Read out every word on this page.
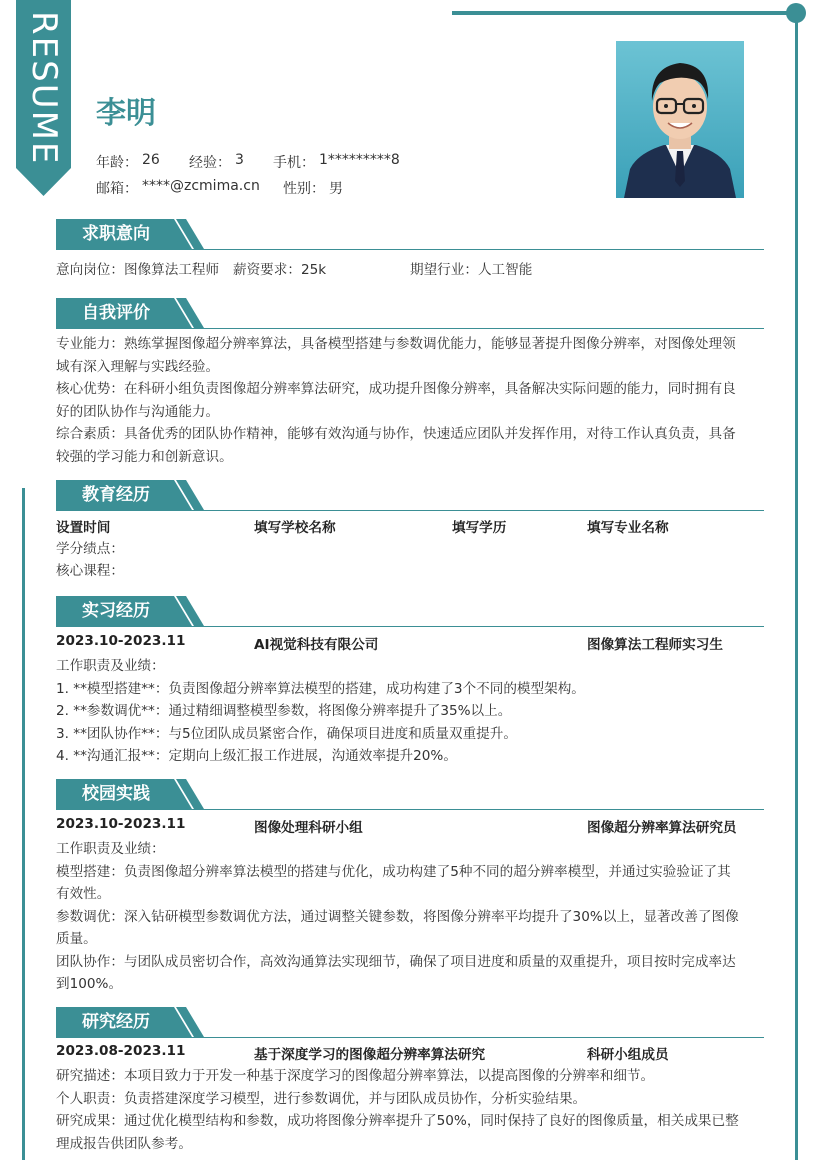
RESUME 李明
年龄： 26 经验： 3 手机： 1*********8
邮箱： ****@zcmima.cn 性别： 男
求职意向
意向岗位：图像算法工程师 薪资要求：25k	期望行业：人工智能
自我评价
专业能力：熟练掌握图像超分辨率算法，具备模型搭建与参数调优能力，能够显著提升图像分辨率，对图像处理领
域有深入理解与实践经验。
核心优势：在科研小组负责图像超分辨率算法研究，成功提升图像分辨率，具备解决实际问题的能力，同时拥有良
好的团队协作与沟通能力。
综合素质：具备优秀的团队协作精神，能够有效沟通与协作，快速适应团队并发挥作用，对待工作认真负责，具备
较强的学习能力和创新意识。
教育经历
设置时间	填写学校名称	填写学历	填写专业名称
学分绩点：
核心课程：
实习经历
2023.10-2023.11	AI视觉科技有限公司	图像算法工程师实习生
工作职责及业绩：
1. **模型搭建**：负责图像超分辨率算法模型的搭建，成功构建了3个不同的模型架构。
2. **参数调优**：通过精细调整模型参数，将图像分辨率提升了35%以上。
3. **团队协作**：与5位团队成员紧密合作，确保项目进度和质量双重提升。
4. **沟通汇报**：定期向上级汇报工作进展，沟通效率提升20%。
校园实践
2023.10-2023.11	图像处理科研小组	图像超分辨率算法研究员
工作职责及业绩：
模型搭建：负责图像超分辨率算法模型的搭建与优化，成功构建了5种不同的超分辨率模型，并通过实验验证了其
有效性。
参数调优：深入钻研模型参数调优方法，通过调整关键参数，将图像分辨率平均提升了30%以上，显著改善了图像
质量。
团队协作：与团队成员密切合作，高效沟通算法实现细节，确保了项目进度和质量的双重提升，项目按时完成率达
到100%。
研究经历
2023.08-2023.11	基于深度学习的图像超分辨率算法研究	科研小组成员
研究描述：本项目致力于开发一种基于深度学习的图像超分辨率算法，以提高图像的分辨率和细节。
个人职责：负责搭建深度学习模型，进行参数调优，并与团队成员协作，分析实验结果。
研究成果：通过优化模型结构和参数，成功将图像分辨率提升了50%，同时保持了良好的图像质量，相关成果已整
理成报告供团队参考。
